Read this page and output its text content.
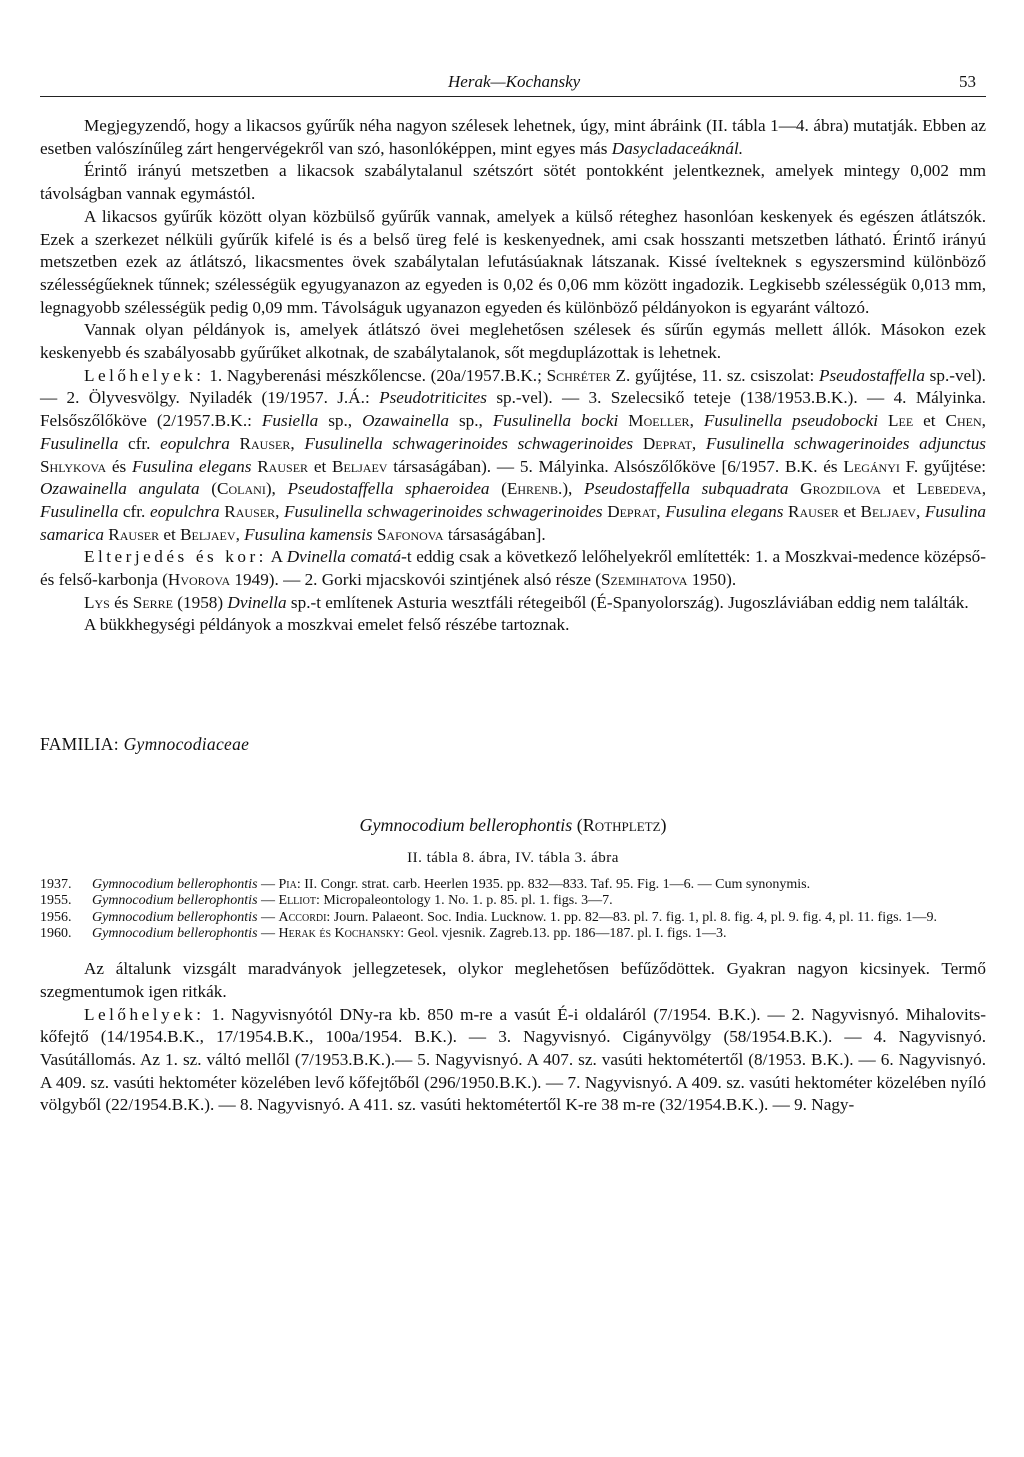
Herak—Kochansky	53

Megjegyzendő, hogy a likacsos gyűrűk néha nagyon szélesek lehetnek, úgy, mint ábráink (II. tábla 1—4. ábra) mutatják. Ebben az esetben valószínűleg zárt hengervégekről van szó, hasonlóképpen, mint egyes más Dasycladaceáknál.

Érintő irányú metszetben a likacsok szabálytalanul szétszórt sötét pontokként jelentkeznek, amelyek mintegy 0,002 mm távolságban vannak egymástól.

A likacsos gyűrűk között olyan közbülső gyűrűk vannak, amelyek a külső réteghez hasonlóan keskenyek és egészen átlátszók. Ezek a szerkezet nélküli gyűrűk kifelé is és a belső üreg felé is keskenyednek, ami csak hosszanti metszetben látható. Érintő irányú metszetben ezek az átlátszó, likacsmentes övek szabálytalan lefutásúaknak látszanak. Kissé ívelteknek s egyszersmind különböző szélességűeknek tűnnek; szélességük egyugyanazon az egyeden is 0,02 és 0,06 mm között ingadozik. Legkisebb szélességük 0,013 mm, legnagyobb szélességük pedig 0,09 mm. Távolságuk ugyanazon egyeden és különböző példányokon is egyaránt változó.

Vannak olyan példányok is, amelyek átlátszó övei meglehetősen szélesek és sűrűn egymás mellett állók. Másokon ezek keskenyebb és szabályosabb gyűrűket alkotnak, de szabálytalanok, sőt megduplázottak is lehetnek.

Lelőhelyek: 1. Nagyberenási mészkőlencse. (20a/1957.B.K.; Schréter Z. gyűjtése, 11. sz. csiszolat: Pseudostaffella sp.-vel). — 2. Ölyvesvölgy. Nyiladék (19/1957. J.Á.: Pseudotriticites sp.-vel). — 3. Szelecsikő teteje (138/1953.B.K.). — 4. Mályinka. Felsőszőlőköve (2/1957.B.K.: Fusiella sp., Ozawainella sp., Fusulinella bocki Moeller, Fusulinella pseudobocki Lee et Chen, Fusulinella cfr. eopulchra Rauser, Fusulinella schwagerinoides schwagerinoides Deprat, Fusulinella schwagerinoides adjunctus Shlykova és Fusulina elegans Rauser et Beljaev társaságában). — 5. Mályinka. Alsószőlőköve [6/1957. B.K. és Legányi F. gyűjtése: Ozawainella angulata (Colani), Pseudostaffella sphaeroidea (Ehrenb.), Pseudostaffella subquadrata Grozdilova et Lebedeva, Fusulinella cfr. eopulchra Rauser, Fusulinella schwagerinoides schwagerinoides Deprat, Fusulina elegans Rauser et Beljaev, Fusulina samarica Rauser et Beljaev, Fusulina kamensis Safonova társaságában].

Elterjedés és kor: A Dvinella comatá-t eddig csak a következő lelőhelyekről említették: 1. a Moszkvai-medence középső- és felső-karbonja (Hvorova 1949). — 2. Gorki mjacskovói szintjének alsó része (Szemihatova 1950).

Lys és Serre (1958) Dvinella sp.-t említenek Asturia wesztfáli rétegeiből (É-Spanyolország). Jugoszláviában eddig nem találták.

A bükkhegységi példányok a moszkvai emelet felső részébe tartoznak.

FAMILIA: Gymnocodiaceae
Gymnocodium bellerophontis (Rothpletz)
II. tábla 8. ábra, IV. tábla 3. ábra
1937.	Gymnocodium bellerophontis — Pia: II. Congr. strat. carb. Heerlen 1935. pp. 832—833. Taf. 95. Fig. 1—6. — Cum synonymis.
1955.	Gymnocodium bellerophontis — Elliot: Micropaleontology 1. No. 1. p. 85. pl. 1. figs. 3—7.
1956.	Gymnocodium bellerophontis — Accordi: Journ. Palaeont. Soc. India. Lucknow. 1. pp. 82—83. pl. 7. fig. 1, pl. 8. fig. 4, pl. 9. fig. 4, pl. 11. figs. 1—9.
1960.	Gymnocodium bellerophontis — Herak és Kochansky: Geol. vjesnik. Zagreb.13. pp. 186—187. pl. I. figs. 1—3.

Az általunk vizsgált maradványok jellegzetesek, olykor meglehetősen befűződöttek. Gyakran nagyon kicsinyek. Termő szegmentumok igen ritkák.

Lelőhelyek: 1. Nagyvisnyótól DNy-ra kb. 850 m-re a vasút É-i oldaláról (7/1954. B.K.). — 2. Nagyvisnyó. Mihalovits-kőfejtő (14/1954.B.K., 17/1954.B.K., 100a/1954. B.K.). — 3. Nagyvisnyó. Cigányvölgy (58/1954.B.K.). — 4. Nagyvisnyó. Vasútállomás. Az 1. sz. váltó mellől (7/1953.B.K.).— 5. Nagyvisnyó. A 407. sz. vasúti hektométertől (8/1953. B.K.). — 6. Nagyvisnyó. A 409. sz. vasúti hektométer közelében levő kőfejtőből (296/1950.B.K.). — 7. Nagyvisnyó. A 409. sz. vasúti hektométer közelében nyíló völgyből (22/1954.B.K.). — 8. Nagyvisnyó. A 411. sz. vasúti hektométertől K-re 38 m-re (32/1954.B.K.). — 9. Nagy-
